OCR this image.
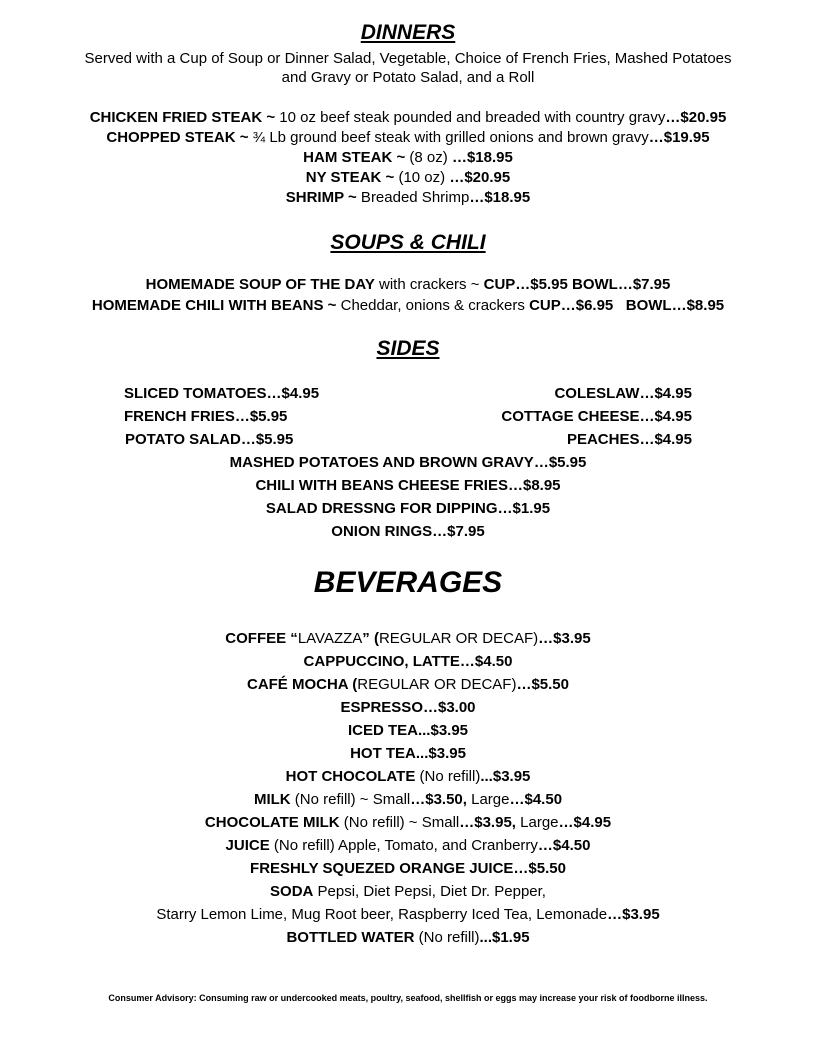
DINNERS

Served with a Cup of Soup or Dinner Salad, Vegetable, Choice of French Fries, Mashed Potatoes

and Gravy or Potato Salad, and a Roll

CHICKEN FRIED STEAK ~ 10 oz beef steak pounded and breaded with country gravy…$20.95

CHOPPED STEAK ~ ¾ Lb ground beef steak with grilled onions and brown gravy…$19.95

HAM STEAK ~ (8 oz) …$18.95

NY STEAK ~ (10 oz) …$20.95

SHRIMP ~ Breaded Shrimp…$18.95

SOUPS & CHILI

HOMEMADE SOUP OF THE DAY with crackers ~ CUP…$5.95 BOWL…$7.95

HOMEMADE CHILI WITH BEANS ~ Cheddar, onions & crackers CUP…$6.95   BOWL…$8.95

SIDES

SLICED TOMATOES…$4.95	COLESLAW…$4.95
FRENCH FRIES…$5.95	COTTAGE CHEESE…$4.95
POTATO SALAD…$5.95	PEACHES…$4.95

MASHED POTATOES AND BROWN GRAVY…$5.95

CHILI WITH BEANS CHEESE FRIES…$8.95

SALAD DRESSNG FOR DIPPING…$1.95

ONION RINGS…$7.95

BEVERAGES

COFFEE “LAVAZZA” (REGULAR OR DECAF)…$3.95

CAPPUCCINO, LATTE…$4.50

CAFÉ MOCHA (REGULAR OR DECAF)…$5.50

ESPRESSO…$3.00

ICED TEA...$3.95

HOT TEA...$3.95

HOT CHOCOLATE (No refill)...$3.95

MILK (No refill) ~ Small…$3.50, Large…$4.50

CHOCOLATE MILK (No refill) ~ Small…$3.95, Large…$4.95

JUICE (No refill) Apple, Tomato, and Cranberry…$4.50

FRESHLY SQUEZED ORANGE JUICE…$5.50

SODA Pepsi, Diet Pepsi, Diet Dr. Pepper,

Starry Lemon Lime, Mug Root beer, Raspberry Iced Tea, Lemonade…$3.95

BOTTLED WATER (No refill)...$1.95

Consumer Advisory: Consuming raw or undercooked meats, poultry, seafood, shellfish or eggs may increase your risk of foodborne illness.
